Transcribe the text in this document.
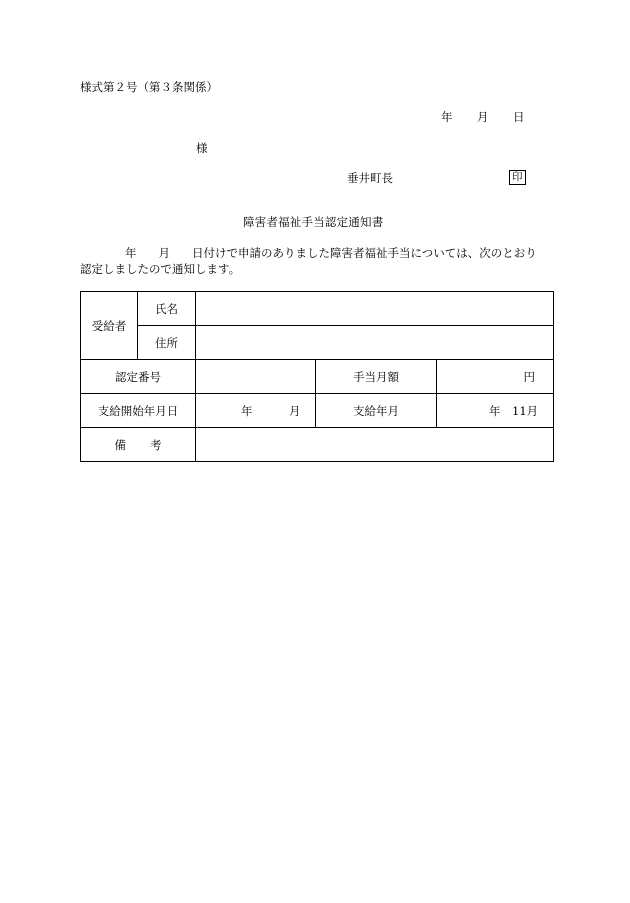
様式第２号（第３条関係）
年 月 日
様
垂井町長	印
障害者福祉手当認定通知書
年 月 日付けで申請のありました障害者福祉手当については、次のとおり
認定しましたので通知します。
受給者	氏名			
	住所			
認定番号			手当月額	円
支給開始年月日		年 月	支給年月	年 11月

備考				
